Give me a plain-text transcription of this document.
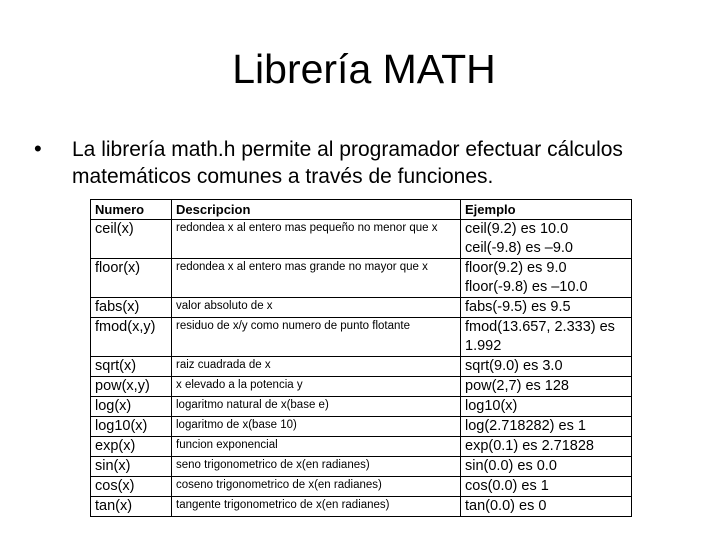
Librería MATH
• La librería math.h permite al programador efectuar cálculos matemáticos comunes a través de funciones.
Numero	Descripcion	Ejemplo
ceil(x)	redondea x al entero mas pequeño no menor que x	ceil(9.2) es 10.0
ceil(-9.8) es –9.0

floor(x)	redondea x al entero mas grande no mayor que x	floor(9.2) es 9.0
floor(-9.8) es –10.0

fabs(x)	valor absoluto de x	fabs(-9.5) es 9.5

fmod(x,y)	residuo de x/y como numero de punto flotante	fmod(13.657, 2.333) es
1.992

sqrt(x)	raiz cuadrada de x	sqrt(9.0) es 3.0

pow(x,y)	x elevado a la potencia y	pow(2,7) es 128

log(x)	logaritmo natural de x(base e)	log10(x)

log10(x)	logaritmo de x(base 10)	log(2.718282) es 1

exp(x)	funcion exponencial	exp(0.1) es 2.71828

sin(x)	seno trigonometrico de x(en radianes)	sin(0.0) es 0.0

cos(x)	coseno trigonometrico de x(en radianes)	cos(0.0) es 1

tan(x)	tangente trigonometrico de x(en radianes)	tan(0.0) es 0
